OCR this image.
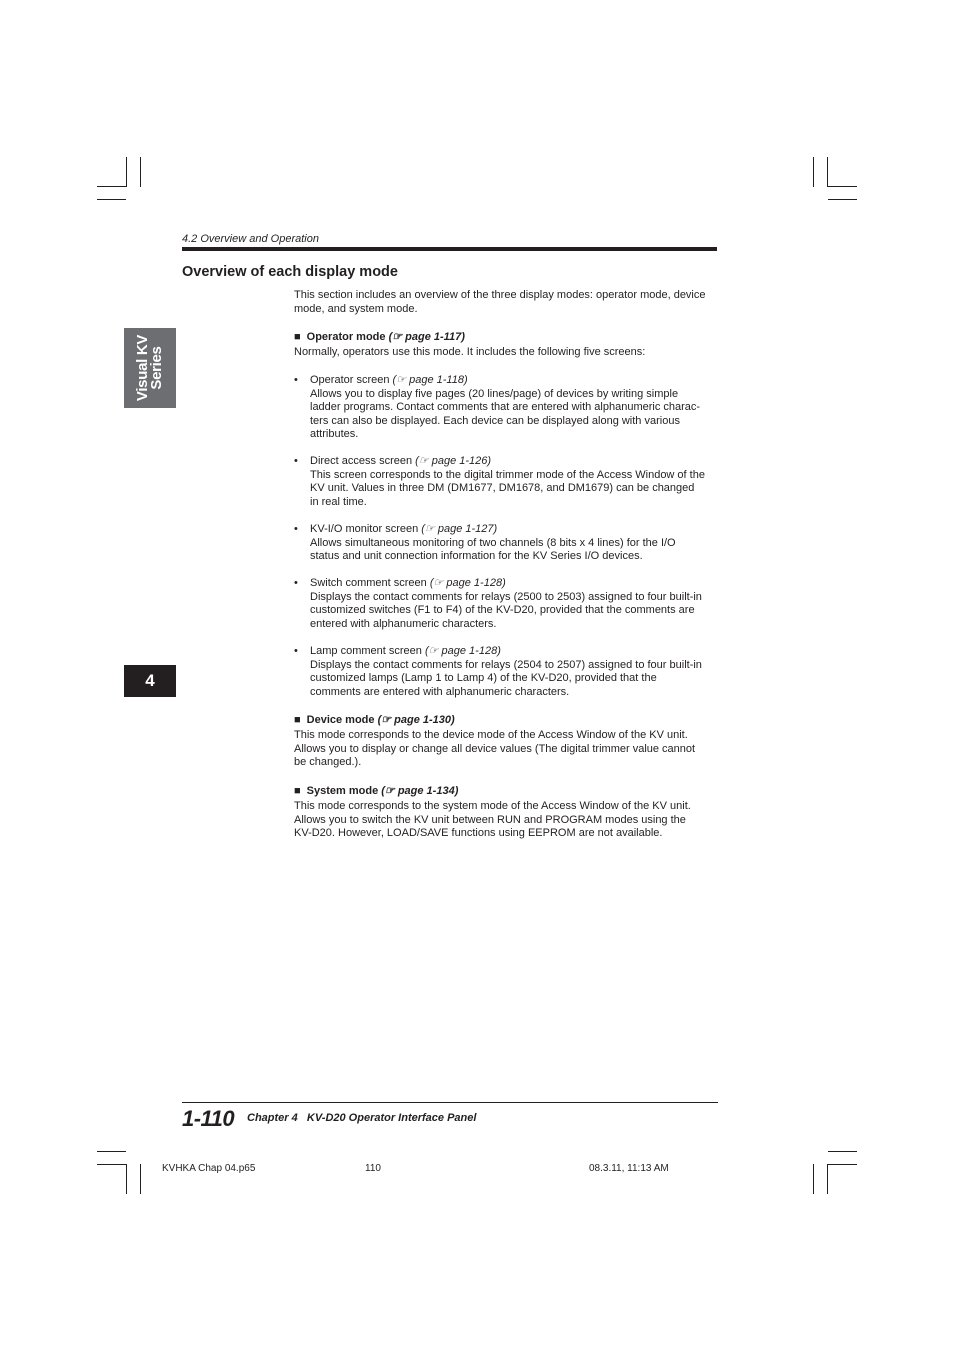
4.2 Overview and Operation
Visual KV
Series
4
Overview of each display mode
This section includes an overview of the three display modes: operator mode, device
mode, and system mode.
■ Operator mode (☞ page 1-117)
Normally, operators use this mode. It includes the following five screens:
• Operator screen (☞ page 1-118)
Allows you to display five pages (20 lines/page) of devices by writing simple
ladder programs. Contact comments that are entered with alphanumeric charac-
ters can also be displayed. Each device can be displayed along with various
attributes.
• Direct access screen (☞ page 1-126)
This screen corresponds to the digital trimmer mode of the Access Window of the
KV unit. Values in three DM (DM1677, DM1678, and DM1679) can be changed
in real time.
• KV-I/O monitor screen (☞ page 1-127)
Allows simultaneous monitoring of two channels (8 bits x 4 lines) for the I/O
status and unit connection information for the KV Series I/O devices.
• Switch comment screen (☞ page 1-128)
Displays the contact comments for relays (2500 to 2503) assigned to four built-in
customized switches (F1 to F4) of the KV-D20, provided that the comments are
entered with alphanumeric characters.
• Lamp comment screen (☞ page 1-128)
Displays the contact comments for relays (2504 to 2507) assigned to four built-in
customized lamps (Lamp 1 to Lamp 4) of the KV-D20, provided that the
comments are entered with alphanumeric characters.
■ Device mode (☞ page 1-130)
This mode corresponds to the device mode of the Access Window of the KV unit.
Allows you to display or change all device values (The digital trimmer value cannot
be changed.).
■ System mode (☞ page 1-134)
This mode corresponds to the system mode of the Access Window of the KV unit.
Allows you to switch the KV unit between RUN and PROGRAM modes using the
KV-D20. However, LOAD/SAVE functions using EEPROM are not available.
1-110 Chapter 4   KV-D20 Operator Interface Panel
KVHKA Chap 04.p65	110	08.3.11, 11:13 AM
